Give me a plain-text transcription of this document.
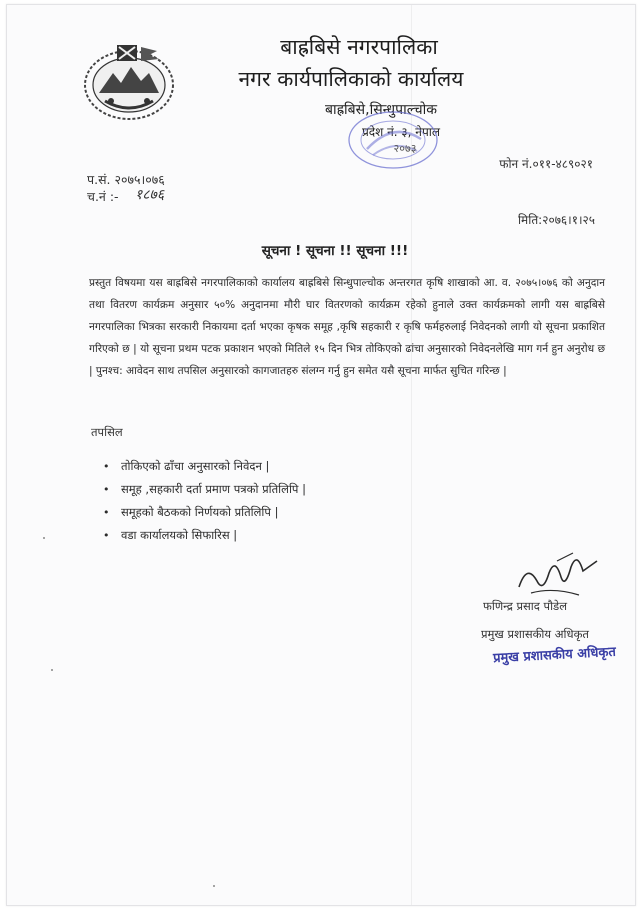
बाह्रबिसे नगरपालिका
नगर कार्यपालिकाको कार्यालय
बाह्रबिसे,सिन्धुपाल्चोक
प्रदेश नं. ३, नेपाल
२०७३
प.सं. २०७५।०७६
च.नं :- १८७६
फोन नं.०११-४८९०२१
मिति:२०७६।१।२५
सूचना ! सूचना !! सूचना !!!
प्रस्तुत विषयमा यस बाह्रबिसे नगरपालिकाको कार्यालय बाह्रबिसे सिन्धुपाल्चोक अन्तरगत कृषि शाखाको आ. व. २०७५।०७६ को अनुदान तथा वितरण कार्यक्रम अनुसार ५०% अनुदानमा मौरी घार वितरणको कार्यक्रम रहेको हुनाले उक्त कार्यक्रमको लागी यस बाह्रबिसे नगरपालिका भित्रका सरकारी निकायमा दर्ता भएका कृषक समूह ,कृषि सहकारी र कृषि फर्महरुलाई निवेदनको लागी यो सूचना प्रकाशित गरिएको छ | यो सूचना प्रथम पटक प्रकाशन भएको मितिले १५ दिन भित्र तोकिएको ढांचा अनुसारको निवेदनलेखि माग गर्न हुन अनुरोध छ | पुनश्च: आवेदन साथ तपसिल अनुसारको कागजातहरु संलग्न गर्नु हुन समेत यसै सूचना मार्फत सुचित गरिन्छ |
तपसिल
• तोकिएको ढाँचा अनुसारको निवेदन |
• समूह ,सहकारी दर्ता प्रमाण पत्रको प्रतिलिपि |
• समूहको बैठकको निर्णयको प्रतिलिपि |
• वडा कार्यालयको सिफारिस |
फणिन्द्र प्रसाद पौडेल
प्रमुख प्रशासकीय अधिकृत
प्रमुख प्रशासकीय अधिकृत
